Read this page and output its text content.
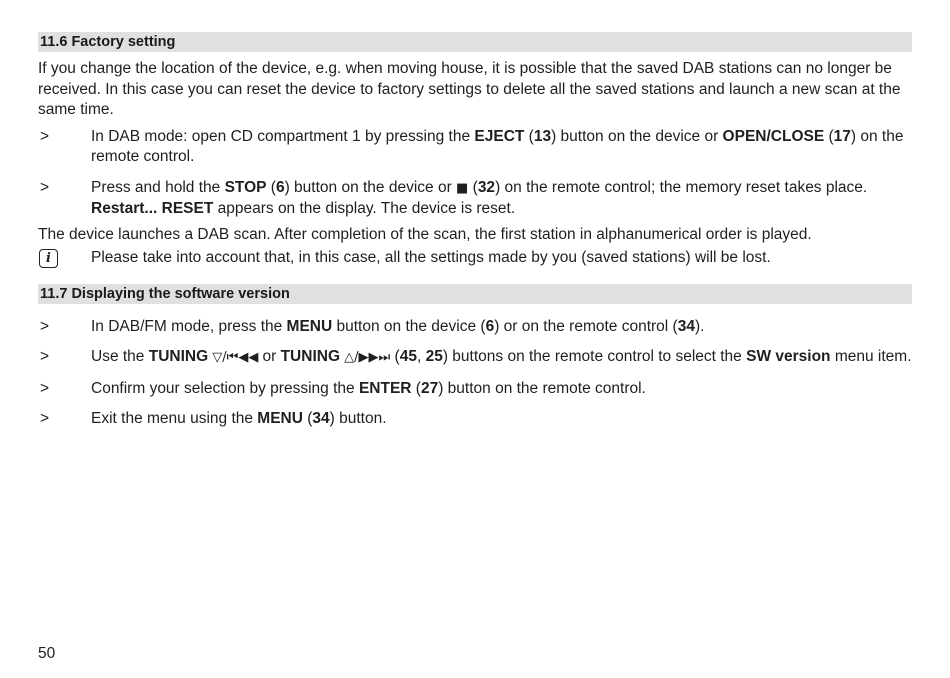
11.6 Factory setting

If you change the location of the device, e.g. when moving house, it is possible that the saved DAB stations can no longer be received. In this case you can reset the device to factory settings to delete all the saved stations and launch a new scan at the same time.

>	In DAB mode: open CD compartment 1 by pressing the EJECT (13) button on the device or OPEN/CLOSE (17) on the remote control.
>	Press and hold the STOP (6) button on the device or ■ (32) on the remote control; the memory reset takes place. Restart... RESET appears on the display. The device is reset.

The device launches a DAB scan. After completion of the scan, the first station in alphanumerical order is played.

i	Please take into account that, in this case, all the settings made by you (saved stations) will be lost.
11.7 Displaying the software version
>	In DAB/FM mode, press the MENU button on the device (6) or on the remote control (34).
>	Use the TUNING ▽/⏮◀◀ or TUNING △/▶▶⏭ (45, 25) buttons on the remote control to select the SW version menu item.
>	Confirm your selection by pressing the ENTER (27) button on the remote control.
>	Exit the menu using the MENU (34) button.
50
